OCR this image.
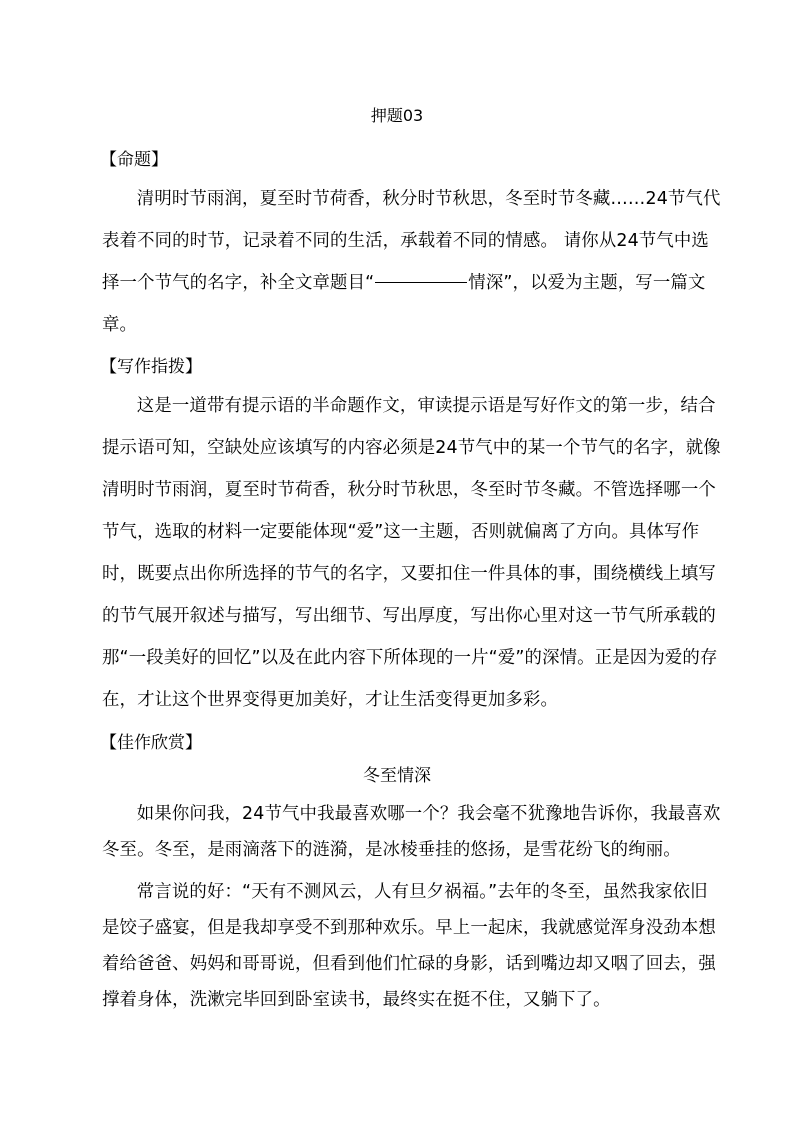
押题03
【命题】

清明时节雨润，夏至时节荷香，秋分时节秋思，冬至时节冬藏……24节气代表着不同的时节，记录着不同的生活，承载着不同的情感。 请你从24节气中选择一个节气的名字，补全文章题目“	情深”，以爱为主题，写一篇文章。

【写作指拨】

这是一道带有提示语的半命题作文，审读提示语是写好作文的第一步，结合提示语可知，空缺处应该填写的内容必须是24节气中的某一个节气的名字，就像清明时节雨润，夏至时节荷香，秋分时节秋思，冬至时节冬藏。不管选择哪一个节气，选取的材料一定要能体现“爱”这一主题，否则就偏离了方向。具体写作时，既要点出你所选择的节气的名字，又要扣住一件具体的事，围绕横线上填写的节气展开叙述与描写，写出细节、写出厚度，写出你心里对这一节气所承载的那“一段美好的回忆”以及在此内容下所体现的一片“爱”的深情。正是因为爱的存在，才让这个世界变得更加美好，才让生活变得更加多彩。

【佳作欣赏】
冬至情深

如果你问我，24节气中我最喜欢哪一个？我会毫不犹豫地告诉你，我最喜欢冬至。冬至，是雨滴落下的涟漪，是冰棱垂挂的悠扬，是雪花纷飞的绚丽。

常言说的好：“天有不测风云，人有旦夕祸福。”去年的冬至，虽然我家依旧是饺子盛宴，但是我却享受不到那种欢乐。早上一起床，我就感觉浑身没劲本想着给爸爸、妈妈和哥哥说，但看到他们忙碌的身影，话到嘴边却又咽了回去，强撑着身体，洗漱完毕回到卧室读书，最终实在挺不住，又躺下了。
